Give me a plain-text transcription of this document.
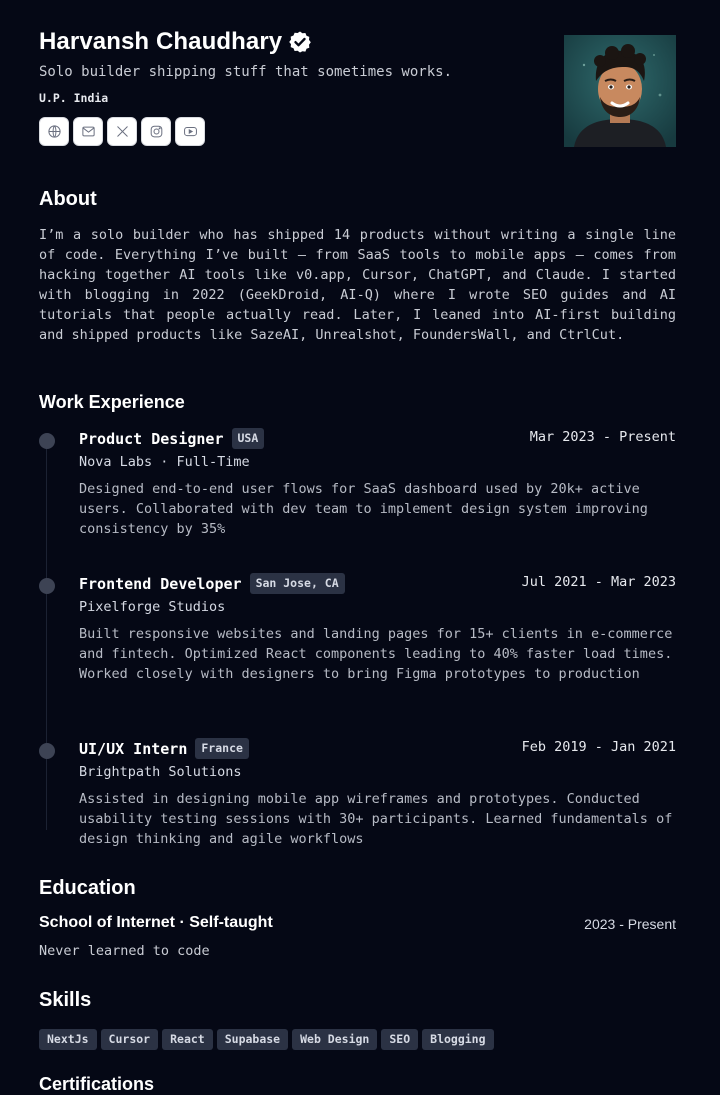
Harvansh Chaudhary
Solo builder shipping stuff that sometimes works.
U.P. India
About
I’m a solo builder who has shipped 14 products without writing a single line of code. Everything I’ve built — from SaaS tools to mobile apps — comes from hacking together AI tools like v0.app, Cursor, ChatGPT, and Claude. I started with blogging in 2022 (GeekDroid, AI-Q) where I wrote SEO guides and AI tutorials that people actually read. Later, I leaned into AI-first building and shipped products like SazeAI, Unrealshot, FoundersWall, and CtrlCut.
Work Experience
Product Designer	USA	Mar 2023 - Present
Nova Labs · Full-Time
Designed end-to-end user flows for SaaS dashboard used by 20k+ active users. Collaborated with dev team to implement design system improving consistency by 35%
Frontend Developer	San Jose, CA	Jul 2021 - Mar 2023
Pixelforge Studios
Built responsive websites and landing pages for 15+ clients in e-commerce and fintech. Optimized React components leading to 40% faster load times. Worked closely with designers to bring Figma prototypes to production
UI/UX Intern	France	Feb 2019 - Jan 2021
Brightpath Solutions
Assisted in designing mobile app wireframes and prototypes. Conducted usability testing sessions with 30+ participants. Learned fundamentals of design thinking and agile workflows
Education
School of Internet · Self-taught	2023 - Present
Never learned to code
Skills
NextJs	Cursor	React	Supabase	Web Design	SEO	Blogging
Certifications
